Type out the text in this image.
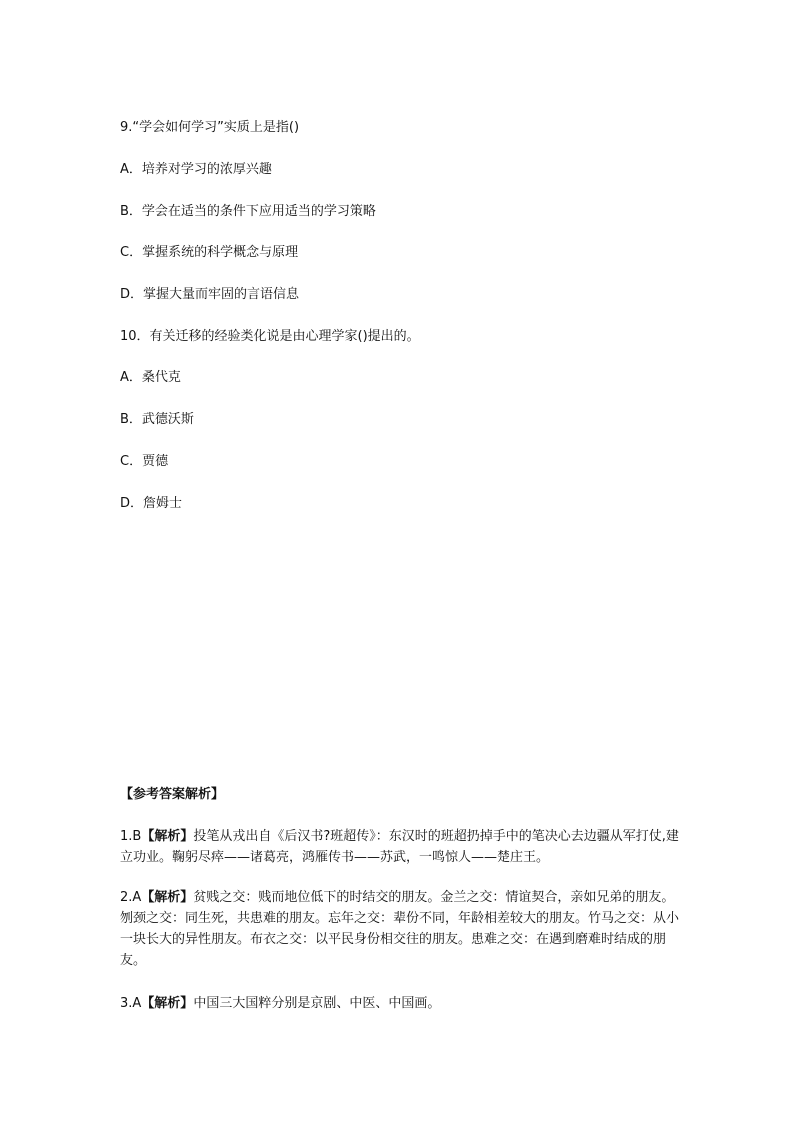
9.“学会如何学习”实质上是指()
A．培养对学习的浓厚兴趣
B．学会在适当的条件下应用适当的学习策略
C．掌握系统的科学概念与原理
D．掌握大量而牢固的言语信息
10．有关迁移的经验类化说是由心理学家()提出的。
A．桑代克
B．武德沃斯
C．贾德
D．詹姆士
【参考答案解析】
1.B【解析】投笔从戎出自《后汉书?班超传》：东汉时的班超扔掉手中的笔决心去边疆从军打仗,建立功业。鞠躬尽瘁——诸葛亮，鸿雁传书——苏武，一鸣惊人——楚庄王。
2.A【解析】贫贱之交：贱而地位低下的时结交的朋友。金兰之交：情谊契合，亲如兄弟的朋友。刎颈之交：同生死，共患难的朋友。忘年之交：辈份不同，年龄相差较大的朋友。竹马之交：从小一块长大的异性朋友。布衣之交：以平民身份相交往的朋友。患难之交：在遇到磨难时结成的朋友。
3.A【解析】中国三大国粹分别是京剧、中医、中国画。
